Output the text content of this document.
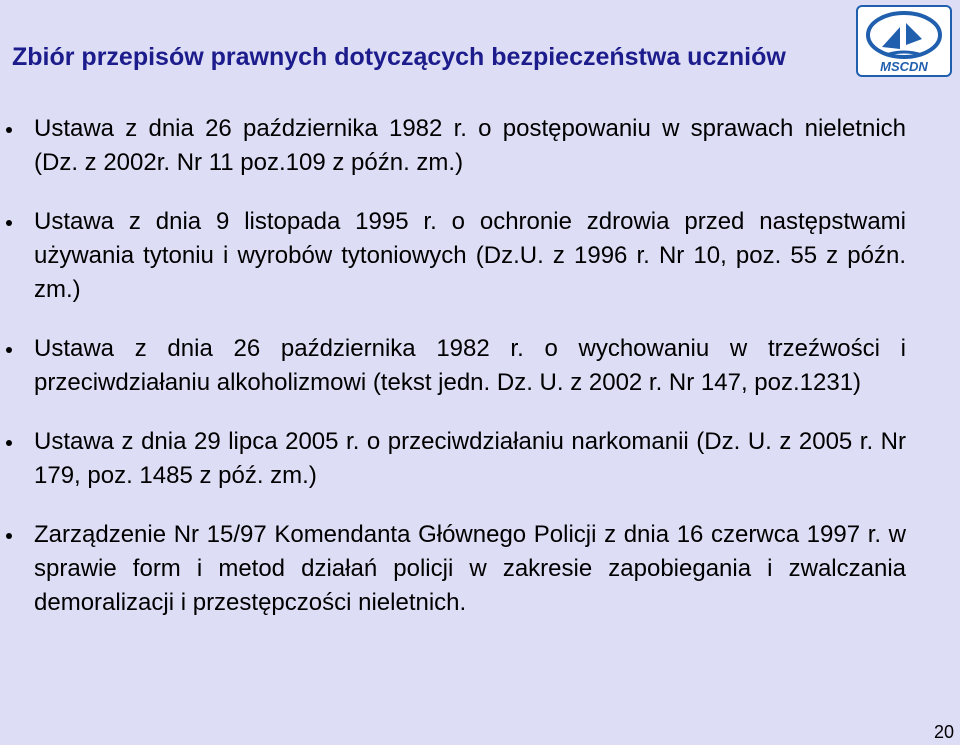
Zbiór przepisów prawnych dotyczących bezpieczeństwa uczniów	MSCDN
Ustawa z dnia 26 października 1982 r. o postępowaniu w sprawach nieletnich (Dz. z 2002r. Nr 11 poz.109 z późn. zm.)
Ustawa z dnia 9 listopada 1995 r. o ochronie zdrowia przed następstwami używania tytoniu i wyrobów tytoniowych (Dz.U. z 1996 r. Nr 10, poz. 55 z późn. zm.)
Ustawa z dnia 26 października 1982 r. o wychowaniu w trzeźwości i przeciwdziałaniu alkoholizmowi (tekst jedn. Dz. U. z 2002 r. Nr 147, poz.1231)
Ustawa z dnia 29 lipca 2005 r. o przeciwdziałaniu narkomanii (Dz. U. z 2005 r. Nr 179, poz. 1485 z póź. zm.)
Zarządzenie Nr 15/97 Komendanta Głównego Policji z dnia 16 czerwca 1997 r. w sprawie form i metod działań policji w zakresie zapobiegania i zwalczania demoralizacji i przestępczości nieletnich.
20
